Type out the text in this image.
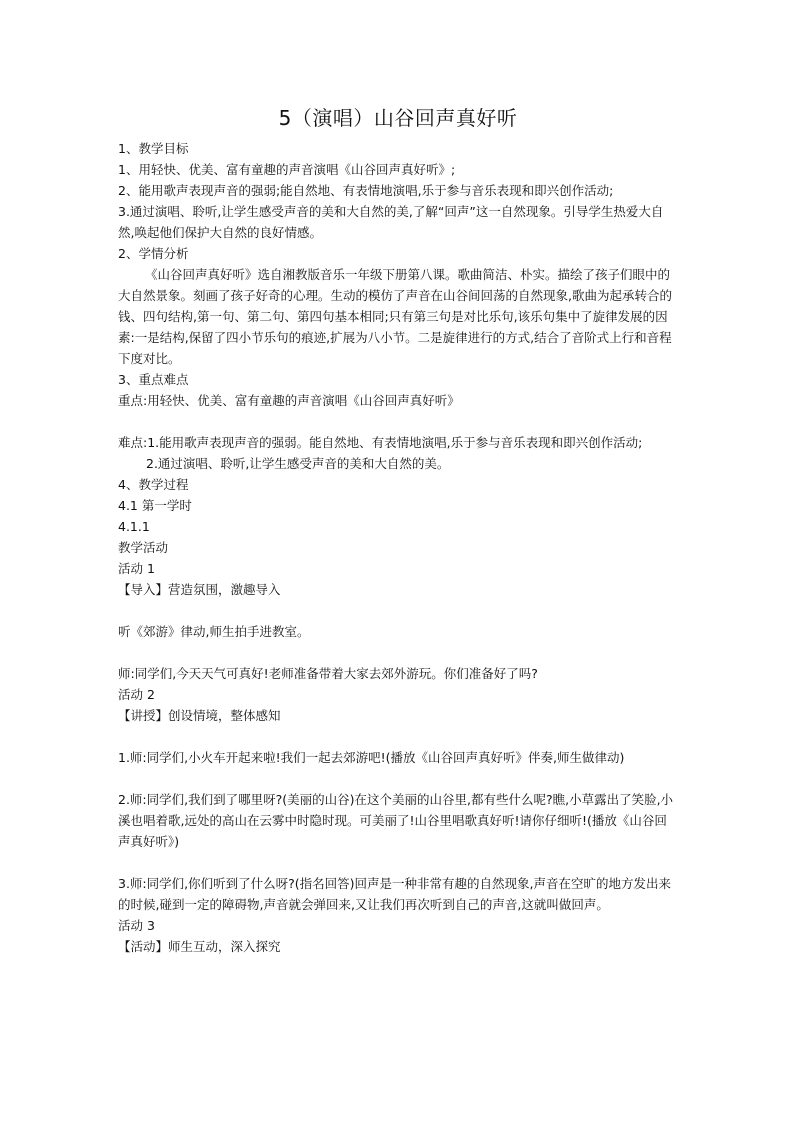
5（演唱）山谷回声真好听

1、教学目标

1、用轻快、优美、富有童趣的声音演唱《山谷回声真好听》;

2、能用歌声表现声音的强弱;能自然地、有表情地演唱,乐于参与音乐表现和即兴创作活动;

3.通过演唱、聆听,让学生感受声音的美和大自然的美,了解“回声”这一自然现象。引导学生热爱大自然,唤起他们保护大自然的良好情感。

2、学情分析

《山谷回声真好听》选自湘教版音乐一年级下册第八课。歌曲简洁、朴实。描绘了孩子们眼中的大自然景象。刻画了孩子好奇的心理。生动的模仿了声音在山谷间回荡的自然现象,歌曲为起承转合的钱、四句结构,第一句、第二句、第四句基本相同;只有第三句是对比乐句,该乐句集中了旋律发展的因素:一是结构,保留了四小节乐句的痕迹,扩展为八小节。二是旋律进行的方式,结合了音阶式上行和音程下度对比。

3、重点难点

重点:用轻快、优美、富有童趣的声音演唱《山谷回声真好听》

难点:1.能用歌声表现声音的强弱。能自然地、有表情地演唱,乐于参与音乐表现和即兴创作活动;

2.通过演唱、聆听,让学生感受声音的美和大自然的美。

4、教学过程

4.1 第一学时

4.1.1

教学活动

活动 1

【导入】营造氛围，激趣导入

听《郊游》律动,师生拍手进教室。

师:同学们,今天天气可真好!老师准备带着大家去郊外游玩。你们准备好了吗?

活动 2

【讲授】创设情境，整体感知

1.师:同学们,小火车开起来啦!我们一起去郊游吧!(播放《山谷回声真好听》伴奏,师生做律动)

2.师:同学们,我们到了哪里呀?(美丽的山谷)在这个美丽的山谷里,都有些什么呢?瞧,小草露出了笑脸,小溪也唱着歌,远处的高山在云雾中时隐时现。可美丽了!山谷里唱歌真好听!请你仔细听!(播放《山谷回声真好听》)

3.师:同学们,你们听到了什么呀?(指名回答)回声是一种非常有趣的自然现象,声音在空旷的地方发出来的时候,碰到一定的障碍物,声音就会弹回来,又让我们再次听到自己的声音,这就叫做回声。

活动 3

【活动】师生互动，深入探究
